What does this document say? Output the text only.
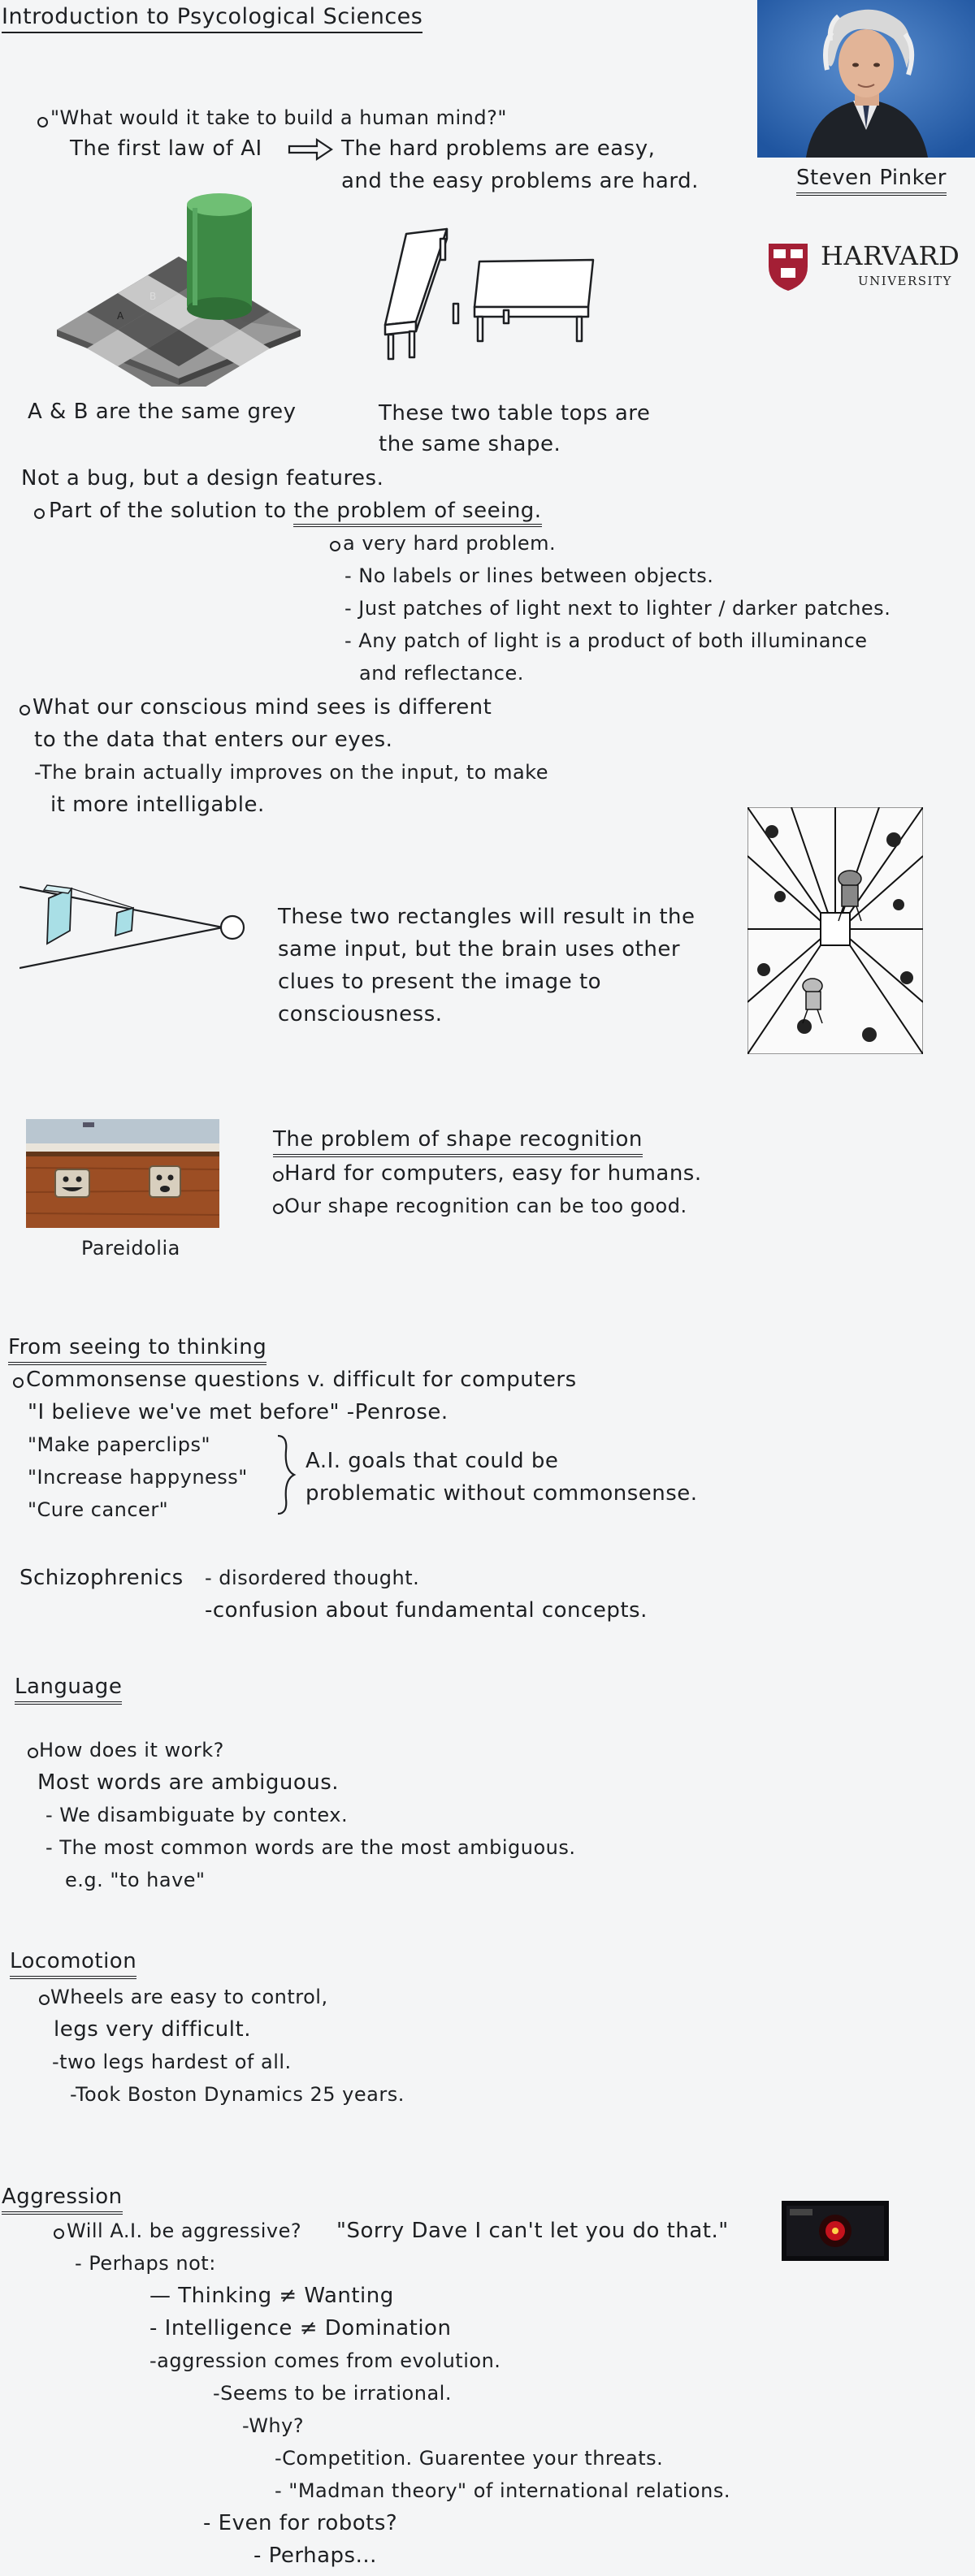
Introduction to Psycological Sciences
"What would it take to build a human mind?"
The first law of AI	The hard problems are easy,
and the easy problems are hard.	Steven Pinker
HARVARD
UNIVERSITY
A
B
A & B are the same grey	These two table tops are
the same shape.
Not a bug, but a design features.
Part of the solution to the problem of seeing.
a very hard problem.
- No labels or lines between objects.
- Just patches of light next to lighter / darker patches.
- Any patch of light is a product of both illuminance
and reflectance.
What our conscious mind sees is different
to the data that enters our eyes.
-The brain actually improves on the input, to make
it more intelligable.
These two rectangles will result in the
same input, but the brain uses other
clues to present the image to
consciousness.
Pareidolia
The problem of shape recognition
Hard for computers, easy for humans.
Our shape recognition can be too good.
From seeing to thinking
Commonsense questions v. difficult for computers
"I believe we've met before" -Penrose.
"Make paperclips"
"Increase happyness"
"Cure cancer"
A.I. goals that could be
problematic without commonsense.
Schizophrenics - disordered thought.
-confusion about fundamental concepts.
Language
How does it work?
Most words are ambiguous.
- We disambiguate by contex.
- The most common words are the most ambiguous.
e.g. "to have"
Locomotion
Wheels are easy to control,
legs very difficult.
-two legs hardest of all.
-Took Boston Dynamics 25 years.
Aggression
Will A.I. be aggressive? "Sorry Dave I can't let you do that."
- Perhaps not:
— Thinking ≠ Wanting
- Intelligence ≠ Domination
-aggression comes from evolution.
-Seems to be irrational.
-Why?
-Competition. Guarentee your threats.
- "Madman theory" of international relations.
- Even for robots?
- Perhaps...
